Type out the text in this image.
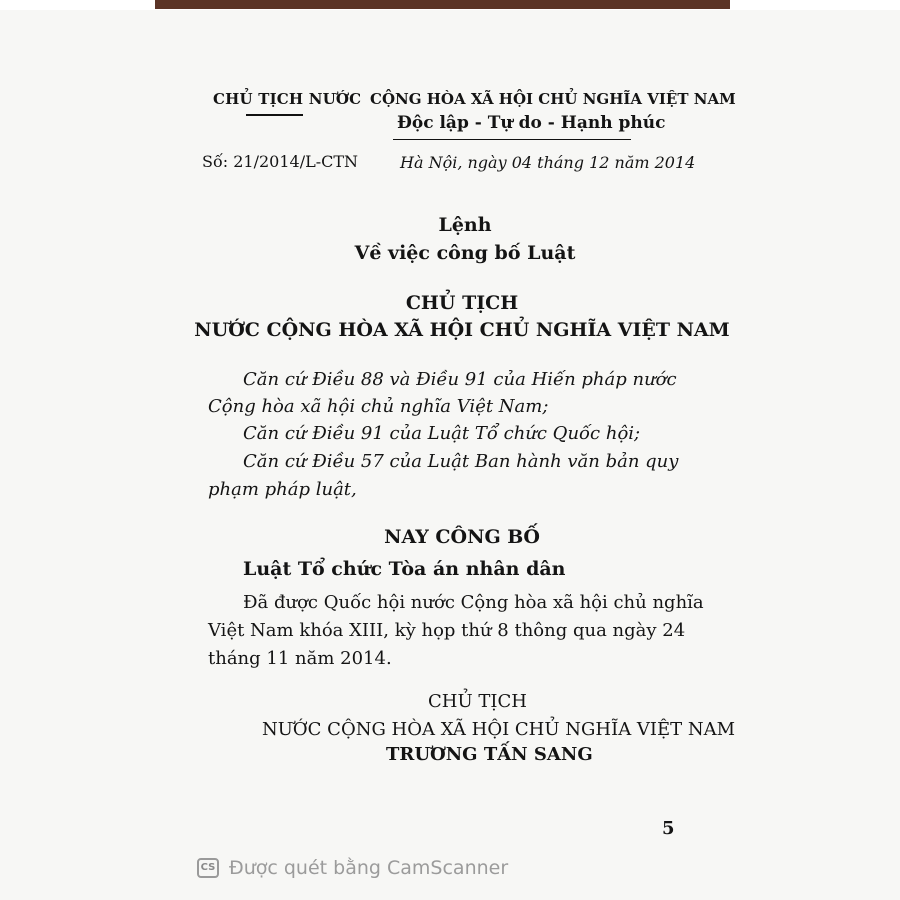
CHỦ TỊCH NƯỚC CỘNG HÒA XÃ HỘI CHỦ NGHĨA VIỆT NAM
Độc lập - Tự do - Hạnh phúc
Số: 21/2014/L-CTN	Hà Nội, ngày 04 tháng 12 năm 2014
Lệnh
Về việc công bố Luật
CHỦ TỊCH
NƯỚC CỘNG HÒA XÃ HỘI CHỦ NGHĨA VIỆT NAM
Căn cứ Điều 88 và Điều 91 của Hiến pháp nước
Cộng hòa xã hội chủ nghĩa Việt Nam;
Căn cứ Điều 91 của Luật Tổ chức Quốc hội;
Căn cứ Điều 57 của Luật Ban hành văn bản quy
phạm pháp luật,
NAY CÔNG BỐ
Luật Tổ chức Tòa án nhân dân
Đã được Quốc hội nước Cộng hòa xã hội chủ nghĩa
Việt Nam khóa XIII, kỳ họp thứ 8 thông qua ngày 24
tháng 11 năm 2014.
CHỦ TỊCH
NƯỚC CỘNG HÒA XÃ HỘI CHỦ NGHĨA VIỆT NAM
TRƯƠNG TẤN SANG
5
CS Được quét bằng CamScanner
